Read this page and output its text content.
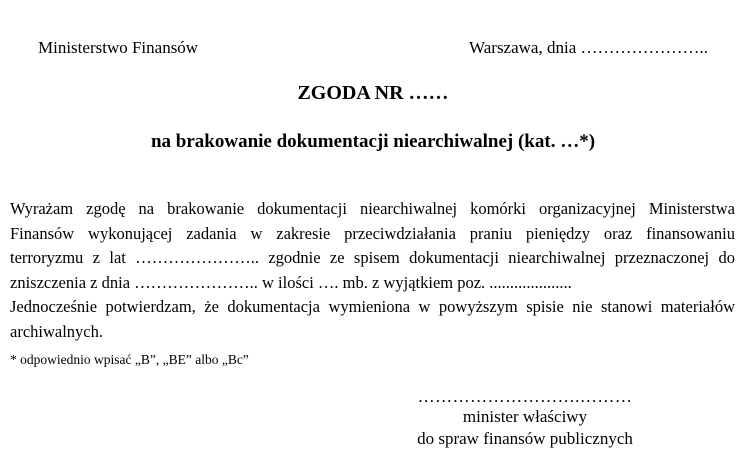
Ministerstwo Finansów	Warszawa, dnia …………………..
ZGODA NR ……
na brakowanie dokumentacji niearchiwalnej (kat. …*)
Wyrażam zgodę na brakowanie dokumentacji niearchiwalnej komórki organizacyjnej Ministerstwa
Finansów wykonującej zadania w zakresie przeciwdziałania praniu pieniędzy oraz finansowaniu
terroryzmu z lat ………………….. zgodnie ze spisem dokumentacji niearchiwalnej przeznaczonej do
zniszczenia z dnia ………………….. w ilości …. mb. z wyjątkiem poz. ....................
Jednocześnie potwierdzam, że dokumentacja wymieniona w powyższym spisie nie stanowi materiałów
archiwalnych.
* odpowiednio wpisać „B”, „BE” albo „Bc”
……………………….………
minister właściwy
do spraw finansów publicznych
